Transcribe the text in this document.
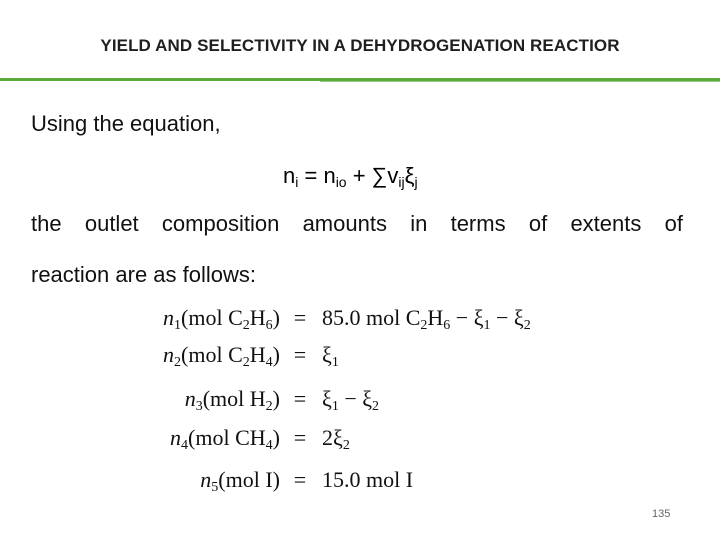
YIELD AND SELECTIVITY IN A DEHYDROGENATION REACTIOR
Using the equation,
$n_i = n_{io} + \sum v_{ij}\xi_j$
the outlet composition amounts in terms of extents of
reaction are as follows:
$n_1(mol$ $C_2H_6) = 85.0$ mol $C_2H_6 - \xi_1 - \xi_2$
$n_2(mol$ $C_2H_4) = \xi_1$
$n_3(mol$ $H_2) = \xi_1 - \xi_2$
$n_4(mol$ $CH_4) = 2\xi_2$
$n_5(mol$ I) = 15.0 mol I
135
